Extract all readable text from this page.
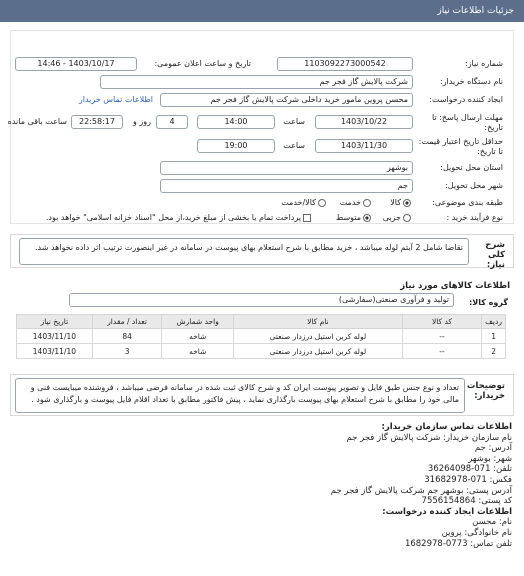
جزئیات اطلاعات نیاز
شماره نیاز:
1103092273000542
تاریخ و ساعت اعلان عمومی:
1403/10/17 - 14:46
نام دستگاه خریدار:
شرکت پالایش گاز فجر جم
ایجاد کننده درخواست:
محسن پروین مامور خرید داخلی شرکت پالایش گاز فجر جم
اطلاعات تماس خریدار
مهلت ارسال پاسخ: تا تاریخ:
1403/10/22
ساعت
14:00
4
روز و
22:58:17
ساعت باقی مانده
حداقل تاریخ اعتبار قیمت: تا تاریخ:
1403/11/30
ساعت
19:00
استان محل تحویل:
بوشهر
شهر محل تحویل:
جم
طبقه بندی موضوعی:
کالا
خدمت
کالا/خدمت
نوع فرآیند خرید :
جزیی
متوسط
پرداخت تمام یا بخشی از مبلغ خرید،از محل "اسناد خزانه اسلامی" خواهد بود.
شرح کلی نیاز:
تقاضا شامل 2 آیتم لوله میباشد ، خرید مطابق با شرح استعلام بهای پیوست در سامانه در غیر اینصورت ترتیب اثر داده نخواهد شد.
اطلاعات کالاهای مورد نیاز
گروه کالا:
تولید و فرآوری صنعتی(سفارشی)
ردیف	کد کالا	نام کالا	واحد شمارش	تعداد / مقدار	تاریخ نیاز
1	--	لوله کربن استیل درزدار صنعتی	شاخه	84	1403/11/10
2	--	لوله کربن استیل درزدار صنعتی	شاخه	3	1403/11/10
توضیحات خریدار:
تعداد و نوع جنس طبق فایل و تصویر پیوست ایران کد و شرح کالای ثبت شده در سامانه فرضی میباشد ، فروشنده میبایست فنی و مالی خود را مطابق با شرح استعلام بهای پیوست بارگذاری نماید ، پیش فاکتور مطابق با تعداد اقلام فایل پیوست و بارگذاری شود .
اطلاعات تماس سازمان خریدار:
نام سازمان خریدار: شرکت پالایش گاز فجر جم
آدرس: جم
شهر: بوشهر
تلفن: 071-36264098
فکس: 071-31682978
آدرس پستی: بوشهر جم شرکت پالایش گاز فجر جم
کد پستی: 7556154864
اطلاعات ایجاد کننده درخواست:
نام: محسن
نام خانوادگی: پروین
تلفن تماس: 0773-1682978
